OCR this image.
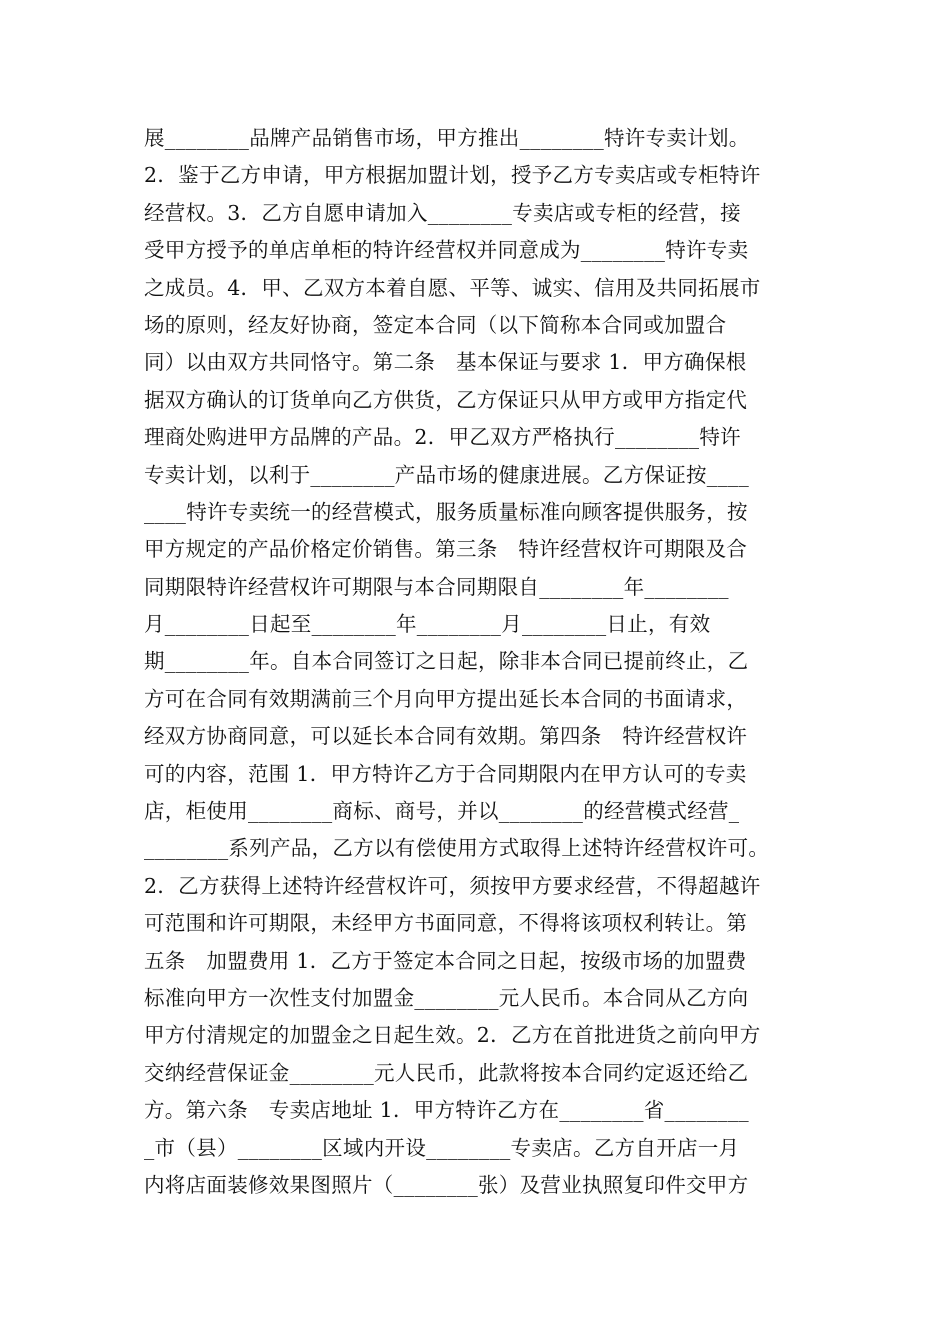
展________品牌产品销售市场，甲方推出________特许专卖计划。
2．鉴于乙方申请，甲方根据加盟计划，授予乙方专卖店或专柜特许
经营权。3．乙方自愿申请加入________专卖店或专柜的经营，接
受甲方授予的单店单柜的特许经营权并同意成为________特许专卖
之成员。4．甲、乙双方本着自愿、平等、诚实、信用及共同拓展市
场的原则，经友好协商，签定本合同（以下简称本合同或加盟合
同）以由双方共同恪守。第二条　基本保证与要求 1．甲方确保根
据双方确认的订货单向乙方供货，乙方保证只从甲方或甲方指定代
理商处购进甲方品牌的产品。2．甲乙双方严格执行________特许
专卖计划，以利于________产品市场的健康进展。乙方保证按____
____特许专卖统一的经营模式，服务质量标准向顾客提供服务，按
甲方规定的产品价格定价销售。第三条　特许经营权许可期限及合
同期限特许经营权许可期限与本合同期限自________年________
月________日起至________年________月________日止，有效
期________年。自本合同签订之日起，除非本合同已提前终止，乙
方可在合同有效期满前三个月向甲方提出延长本合同的书面请求，
经双方协商同意，可以延长本合同有效期。第四条　特许经营权许
可的内容，范围 1．甲方特许乙方于合同期限内在甲方认可的专卖
店，柜使用________商标、商号，并以________的经营模式经营_
________系列产品，乙方以有偿使用方式取得上述特许经营权许可。
2．乙方获得上述特许经营权许可，须按甲方要求经营，不得超越许
可范围和许可期限，未经甲方书面同意，不得将该项权利转让。第
五条　加盟费用 1．乙方于签定本合同之日起，按级市场的加盟费
标准向甲方一次性支付加盟金________元人民币。本合同从乙方向
甲方付清规定的加盟金之日起生效。2．乙方在首批进货之前向甲方
交纳经营保证金________元人民币，此款将按本合同约定返还给乙
方。第六条　专卖店地址 1．甲方特许乙方在________省________
_市（县）________区域内开设________专卖店。乙方自开店一月
内将店面装修效果图照片（________张）及营业执照复印件交甲方
